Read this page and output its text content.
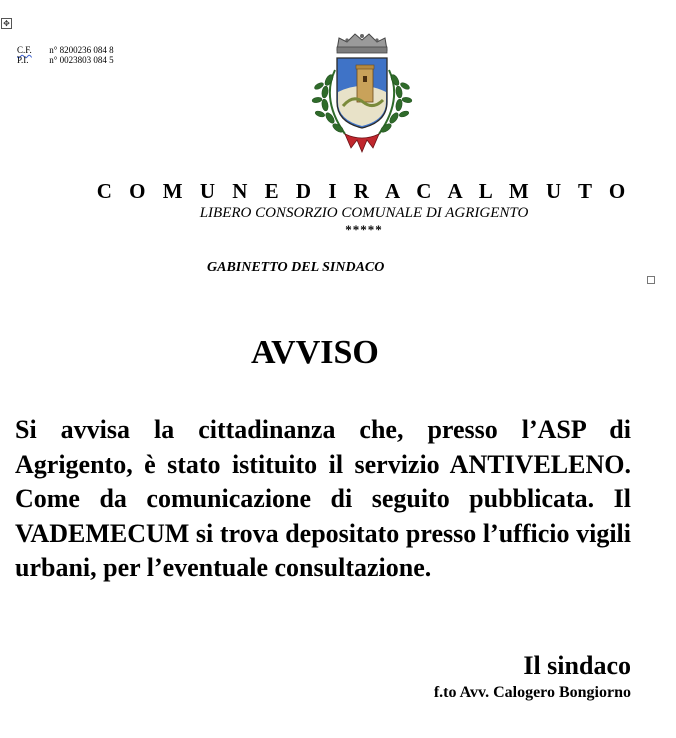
✥
C.F. n° 8200236 084 8
P.I. n° 0023803 084 5
C O M U N E D I R A C A L M U T O
LIBERO CONSORZIO COMUNALE DI AGRIGENTO
*****
GABINETTO DEL SINDACO
AVVISO
Si avvisa la cittadinanza che, presso l’ASP di Agrigento, è stato istituito il servizio ANTIVELENO. Come da comunicazione di seguito pubblicata. Il VADEMECUM si trova depositato presso l’ufficio vigili urbani, per l’eventuale consultazione.
Il sindaco
f.to Avv. Calogero Bongiorno
